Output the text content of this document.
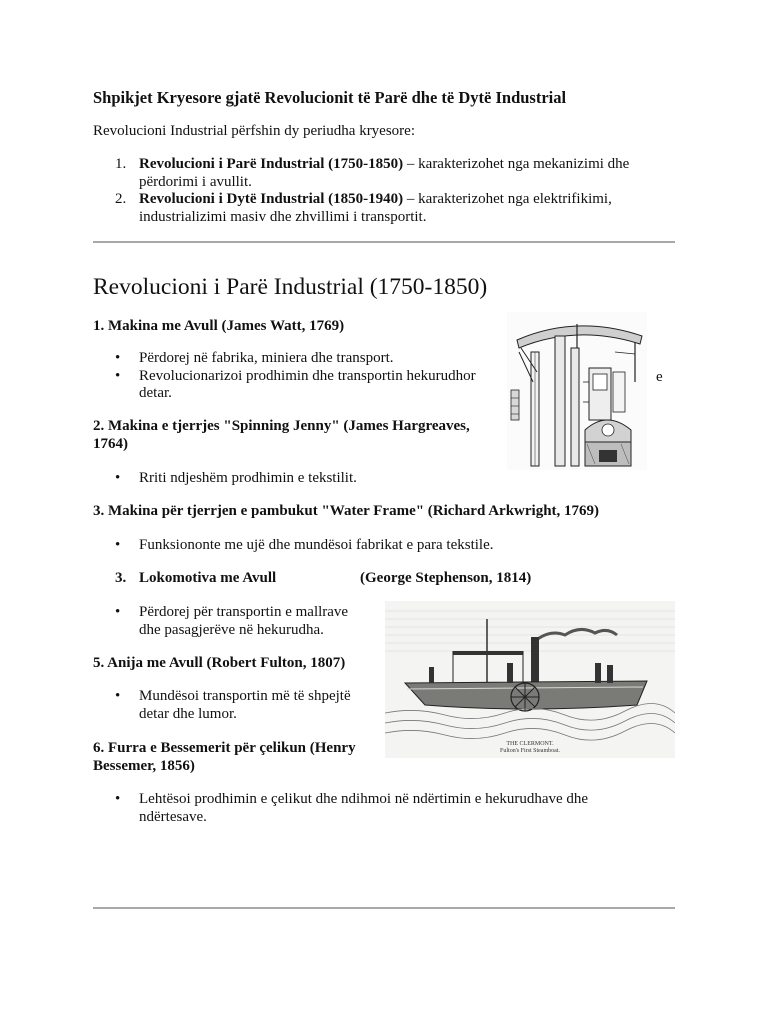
Shpikjet Kryesore gjatë Revolucionit të Parë dhe të Dytë Industrial
Revolucioni Industrial përfshin dy periudha kryesore:
1. Revolucioni i Parë Industrial (1750-1850) – karakterizohet nga mekanizimi dhe përdorimi i avullit.
2. Revolucioni i Dytë Industrial (1850-1940) – karakterizohet nga elektrifikimi, industrializimi masiv dhe zhvillimi i transportit.
Revolucioni i Parë Industrial (1750-1850)
1. Makina me Avull (James Watt, 1769)
• Përdorej në fabrika, miniera dhe transport.
• Revolucionarizoi prodhimin dhe transportin hekurudhor
detar.
e
2. Makina e tjerrjes "Spinning Jenny" (James Hargreaves, 1764)
• Rriti ndjeshëm prodhimin e tekstilit.
3. Makina për tjerrjen e pambukut "Water Frame" (Richard Arkwright, 1769)
• Funksiononte me ujë dhe mundësoi fabrikat e para tekstile.
3. Lokomotiva me Avull	(George Stephenson, 1814)
• Përdorej për transportin e mallrave dhe pasagjerëve në hekurudha.
5. Anija me Avull (Robert Fulton, 1807)
• Mundësoi transportin më të shpejtë detar dhe lumor.
6. Furra e Bessemerit për çelikun (Henry Bessemer, 1856)
• Lehtësoi prodhimin e çelikut dhe ndihmoi në ndërtimin e hekurudhave dhe ndërtesave.
THE CLERMONT.
Fulton's First Steamboat.
